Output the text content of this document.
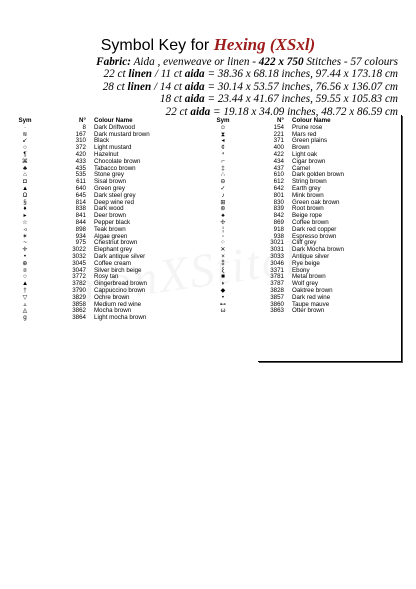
Symbol Key for Hexing (XSxl)
Fabric: Aida , evenweave or linen - 422 x 750 Stitches - 57 colours
22 ct linen / 11 ct aida = 38.36 x 68.18 inches, 97.44 x 173.18 cm
28 ct linen / 14 ct aida = 30.14 x 53.57 inches, 76.56 x 136.07 cm
18 ct aida = 23.44 x 41.67 inches, 59.55 x 105.83 cm
22 ct aida = 19.18 x 34.09 inches, 48.72 x 86.59 cm
Sym	N° Colour Name
·	8 Dark Driftwood
≋	167 Dark mustard brown
↙	310 Black
○	372 Light mustard
¶	420 Hazelnut
⌘	433 Chocolate brown
♣	435 Tabacco brown
⌂	535 Stone grey
◘	611 Sisal brown
▲	640 Green grey
Ω	645 Dark steel grey
§	814 Deep wine red
♦	838 Dark wood
▸	841 Deer brown
☆	844 Pepper black
◃	898 Teak brown
✶	934 Algae green
~	975 Chestnut brown
✛	3022 Elephant grey
•	3032 Dark antique silver
⊕	3045 Coffee cream
¤	3047 Silver birch beige
○	3772 Rosy tan
▲	3782 Gingerbread brown
†	3790 Cappuccino brown
▽	3829 Ochre brown
▵	3858 Medium red wine
◬	3862 Mocha brown
g	3864 Light mocha brown
Sym	N° Colour Name
☺	154 Prune rose
⧗	221 Mars red
◂	371 Green plains
¢	400 Brown
⁴	422 Light oak
⌐	434 Cigar brown
‡	437 Camel
∴	610 Dark golden brown
⊖	612 String brown
✓	642 Earth grey
♪	801 Mink brown
⊞	830 Green oak brown
⊛	839 Root brown
♠	842 Beige rope
✢	869 Coffee brown
¦	918 Dark red copper
◦	938 Espresso brown
⁘	3021 Cliff grey
✕	3031 Dark Mocha brown
×	3033 Antique silver
⁑	3046 Rye beige
ξ	3371 Ebony
■	3781 Metal brown
◗	3787 Wolf grey
◆	3828 Oaktree brown
•	3857 Dark red wine
⊷	3860 Taupe mauve
ω	3863 Otter brown
